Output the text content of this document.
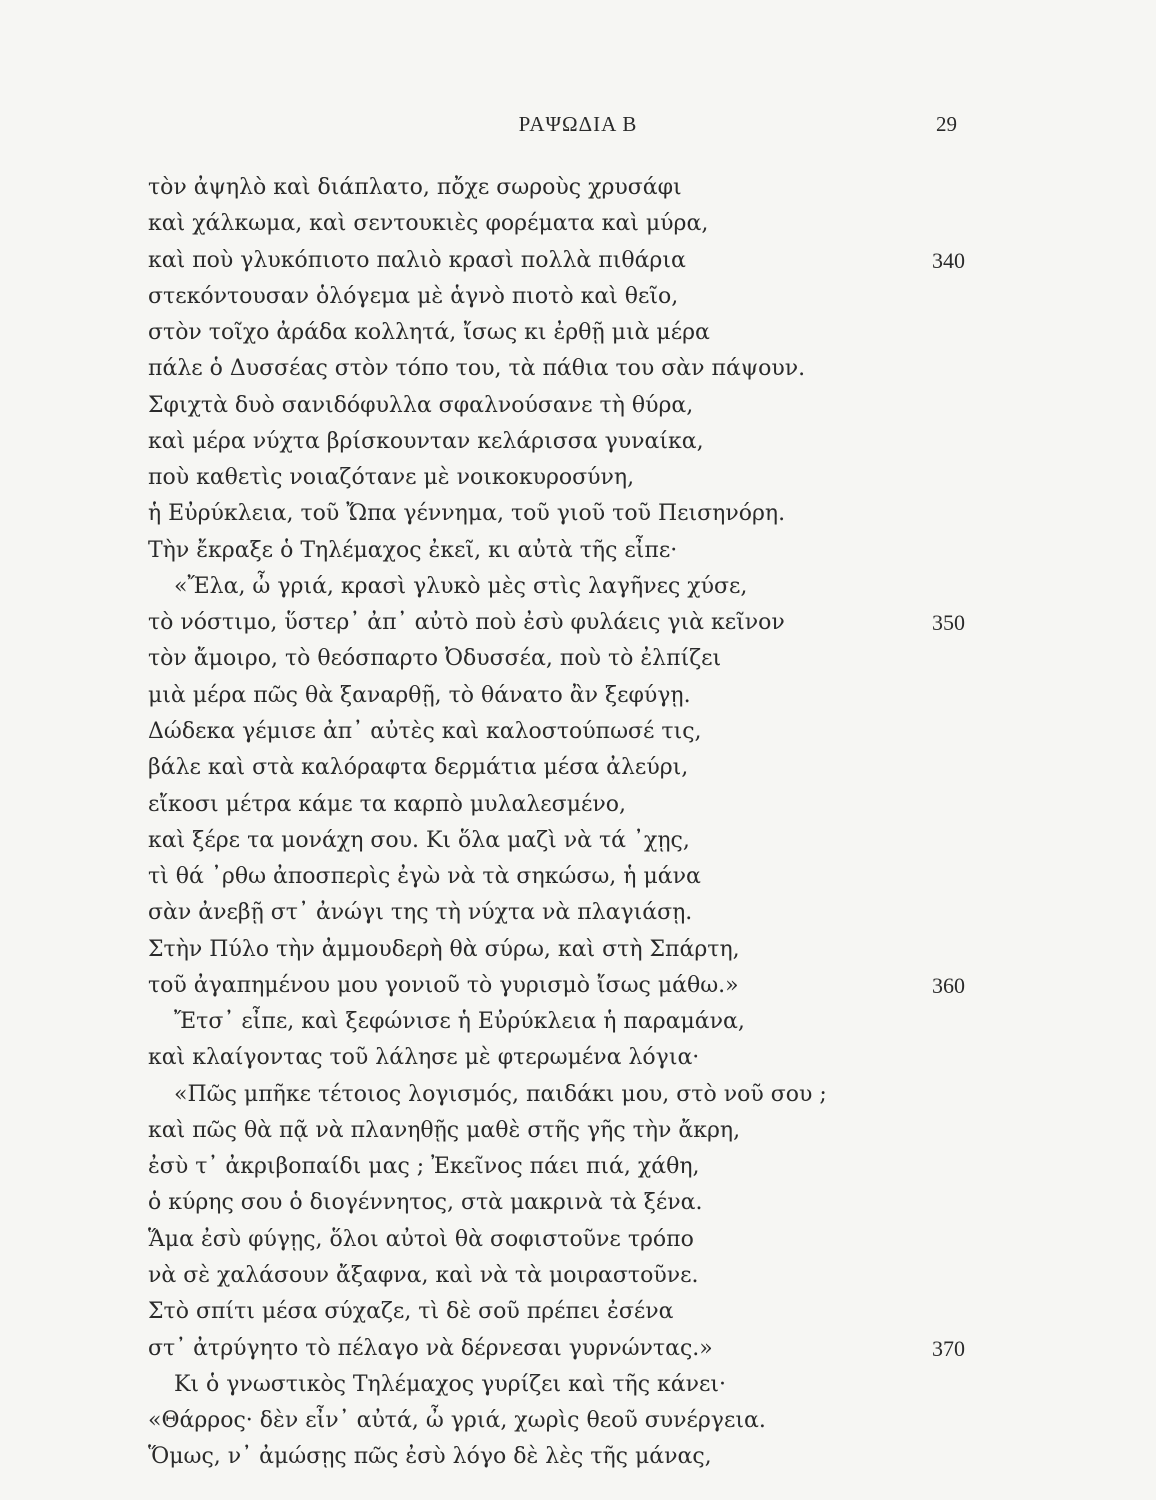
ΡΑΨΩΔΙΑ Β	29
τὸν ἀψηλὸ καὶ διάπλατο, πὄχε σωροὺς χρυσάφι
καὶ χάλκωμα, καὶ σεντουκιὲς φορέματα καὶ μύρα,
καὶ ποὺ γλυκόπιοτο παλιὸ κρασὶ πολλὰ πιθάρια	340
στεκόντουσαν ὁλόγεμα μὲ ἁγνὸ πιοτὸ καὶ θεῖο,
στὸν τοῖχο ἀράδα κολλητά, ἴσως κι ἐρθῇ μιὰ μέρα
πάλε ὁ Δυσσέας στὸν τόπο του, τὰ πάθια του σὰν πάψουν.
Σφιχτὰ δυὸ σανιδόφυλλα σφαλνούσανε τὴ θύρα,
καὶ μέρα νύχτα βρίσκουνταν κελάρισσα γυναίκα,
ποὺ καθετὶς νοιαζότανε μὲ νοικοκυροσύνη,
ἡ Εὐρύκλεια, τοῦ Ὤπα γέννημα, τοῦ γιοῦ τοῦ Πεισηνόρη.
Τὴν ἔκραξε ὁ Τηλέμαχος ἐκεῖ, κι αὐτὰ τῆς εἶπε·
«Ἔλα, ὦ γριά, κρασὶ γλυκὸ μὲς στὶς λαγῆνες χύσε,
τὸ νόστιμο, ὕστερ᾽ ἀπ᾽ αὐτὸ ποὺ ἐσὺ φυλάεις γιὰ κεῖνον	350
τὸν ἄμοιρο, τὸ θεόσπαρτο Ὀδυσσέα, ποὺ τὸ ἐλπίζει
μιὰ μέρα πῶς θὰ ξαναρθῇ, τὸ θάνατο ἂν ξεφύγῃ.
Δώδεκα γέμισε ἀπ᾽ αὐτὲς καὶ καλοστούπωσέ τις,
βάλε καὶ στὰ καλόραφτα δερμάτια μέσα ἀλεύρι,
εἴκοσι μέτρα κάμε τα καρπὸ μυλαλεσμένο,
καὶ ξέρε τα μονάχη σου. Κι ὅλα μαζὶ νὰ τά ᾽χῃς,
τὶ θά ᾽ρθω ἀποσπερὶς ἐγὼ νὰ τὰ σηκώσω, ἡ μάνα
σὰν ἀνεβῇ στ᾽ ἀνώγι της τὴ νύχτα νὰ πλαγιάσῃ.
Στὴν Πύλο τὴν ἀμμουδερὴ θὰ σύρω, καὶ στὴ Σπάρτη,
τοῦ ἀγαπημένου μου γονιοῦ τὸ γυρισμὸ ἴσως μάθω.»	360
Ἔτσ᾽ εἶπε, καὶ ξεφώνισε ἡ Εὐρύκλεια ἡ παραμάνα,
καὶ κλαίγοντας τοῦ λάλησε μὲ φτερωμένα λόγια·
«Πῶς μπῆκε τέτοιος λογισμός, παιδάκι μου, στὸ νοῦ σου ;
καὶ πῶς θὰ πᾷ νὰ πλανηθῇς μαθὲ στῆς γῆς τὴν ἄκρη,
ἐσὺ τ᾽ ἀκριβοπαίδι μας ; Ἐκεῖνος πάει πιά, χάθη,
ὁ κύρης σου ὁ διογέννητος, στὰ μακρινὰ τὰ ξένα.
Ἅμα ἐσὺ φύγῃς, ὅλοι αὐτοὶ θὰ σοφιστοῦνε τρόπο
νὰ σὲ χαλάσουν ἄξαφνα, καὶ νὰ τὰ μοιραστοῦνε.
Στὸ σπίτι μέσα σύχαζε, τὶ δὲ σοῦ πρέπει ἐσένα
στ᾽ ἀτρύγητο τὸ πέλαγο νὰ δέρνεσαι γυρνώντας.»	370
Κι ὁ γνωστικὸς Τηλέμαχος γυρίζει καὶ τῆς κάνει·
«Θάρρος· δὲν εἶν᾽ αὐτά, ὦ γριά, χωρὶς θεοῦ συνέργεια.
Ὅμως, ν᾽ ἀμώσῃς πῶς ἐσὺ λόγο δὲ λὲς τῆς μάνας,
